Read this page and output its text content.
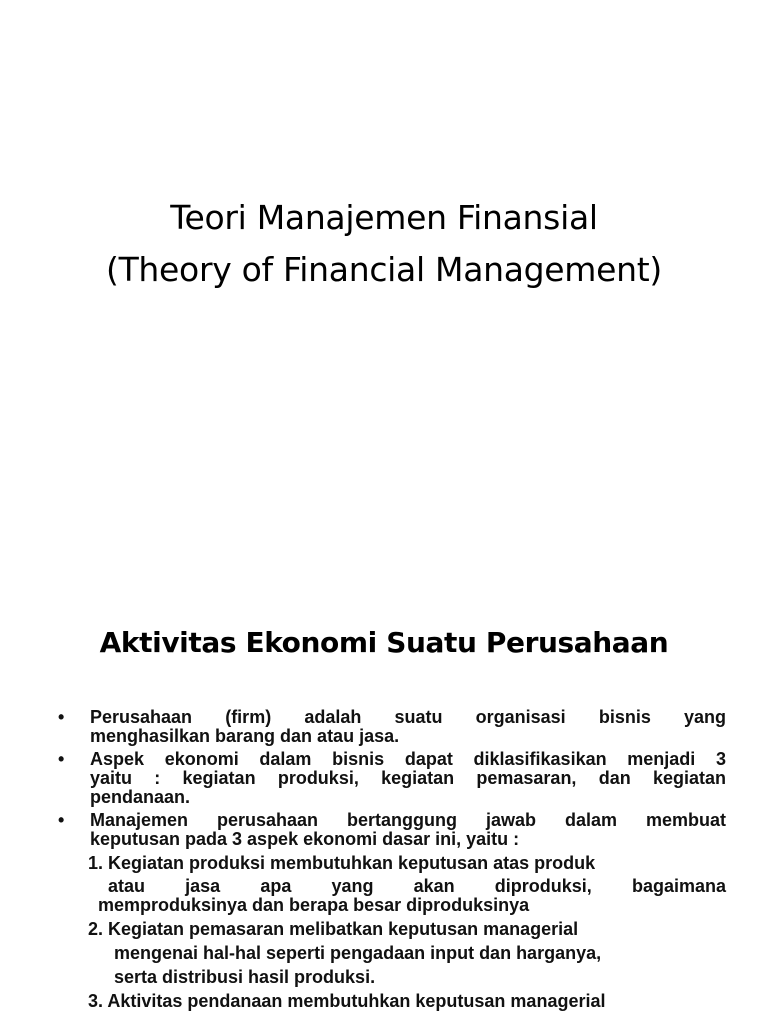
Teori Manajemen Finansial
(Theory of Financial Management)
Aktivitas Ekonomi Suatu Perusahaan
• Perusahaan (firm) adalah suatu organisasi bisnis yang
menghasilkan barang dan atau jasa.
• Aspek ekonomi dalam bisnis dapat diklasifikasikan menjadi 3
yaitu : kegiatan produksi, kegiatan pemasaran, dan kegiatan
pendanaan.
• Manajemen perusahaan bertanggung jawab dalam membuat
keputusan pada 3 aspek ekonomi dasar ini, yaitu :
1. Kegiatan produksi membutuhkan keputusan atas produk
atau jasa apa yang akan diproduksi, bagaimana
memproduksinya dan berapa besar diproduksinya
2. Kegiatan pemasaran melibatkan keputusan managerial
mengenai hal-hal seperti pengadaan input dan harganya,
serta distribusi hasil produksi.
3. Aktivitas pendanaan membutuhkan keputusan managerial
